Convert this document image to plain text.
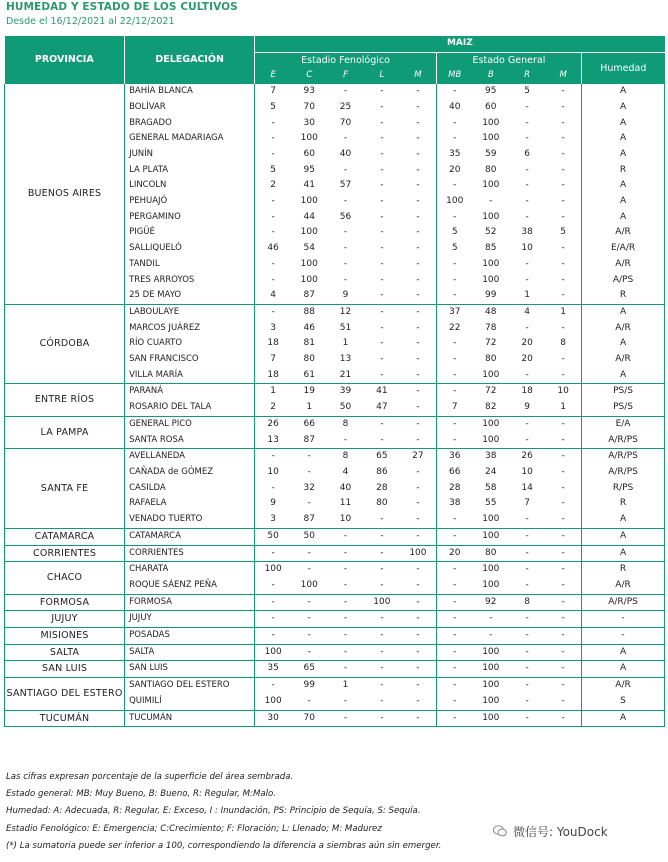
HUMEDAD Y ESTADO DE LOS CULTIVOS
Desde el 16/12/2021 al 22/12/2021
PROVINCIA	DELEGACIÓN	MAIZ									
		Estadio Fenológico					Estado General				Humedad
		E	C	F	L	M	MB	B	R	M	
BUENOS AIRES	BAHÍA BLANCA	7	93	-	-	-	-	95	5	-	A
	BOLÍVAR	5	70	25	-	-	40	60	-	-	A
	BRAGADO	-	30	70	-	-	-	100	-	-	A
	GENERAL MADARIAGA	-	100	-	-	-	-	100	-	-	A
	JUNÍN	-	60	40	-	-	35	59	6	-	A
	LA PLATA	5	95	-	-	-	20	80	-	-	R
	LINCOLN	2	41	57	-	-	-	100	-	-	A
	PEHUAJÓ	-	100	-	-	-	100	-	-	-	A
	PERGAMINO	-	44	56	-	-	-	100	-	-	A
	PIGÜÉ	-	100	-	-	-	5	52	38	5	A/R
	SALLIQUELÓ	46	54	-	-	-	5	85	10	-	E/A/R
	TANDIL	-	100	-	-	-	-	100	-	-	A/R
	TRES ARROYOS	-	100	-	-	-	-	100	-	-	A/PS
	25 DE MAYO	4	87	9	-	-	-	99	1	-	R
CÓRDOBA	LABOULAYE	-	88	12	-	-	37	48	4	1	A
	MARCOS JUÁREZ	3	46	51	-	-	22	78	-	-	A/R
	RÍO CUARTO	18	81	1	-	-	-	72	20	8	A
	SAN FRANCISCO	7	80	13	-	-	-	80	20	-	A/R
	VILLA MARÍA	18	61	21	-	-	-	100	-	-	A
ENTRE RÍOS	PARANÁ	1	19	39	41	-	-	72	18	10	PS/S
	ROSARIO DEL TALA	2	1	50	47	-	7	82	9	1	PS/S
LA PAMPA	GENERAL PICO	26	66	8	-	-	-	100	-	-	E/A
	SANTA ROSA	13	87	-	-	-	-	100	-	-	A/R/PS
SANTA FE	AVELLANEDA	-	-	8	65	27	36	38	26	-	A/R/PS
	CAÑADA de GÓMEZ	10	-	4	86	-	66	24	10	-	A/R/PS
	CASILDA	-	32	40	28	-	28	58	14	-	R/PS
	RAFAELA	9	-	11	80	-	38	55	7	-	R
	VENADO TUERTO	3	87	10	-	-	-	100	-	-	A
CATAMARCA	CATAMARCA	50	50	-	-	-	-	100	-	-	A
CORRIENTES	CORRIENTES	-	-	-	-	100	20	80	-	-	A
CHACO	CHARATA	100	-	-	-	-	-	100	-	-	R
	ROQUE SÁENZ PEÑA	-	100	-	-	-	-	100	-	-	A/R
FORMOSA	FORMOSA	-	-	-	100	-	-	92	8	-	A/R/PS
JUJUY	JUJUY	-	-	-	-	-	-	-	-	-	-
MISIONES	POSADAS	-	-	-	-	-	-	-	-	-	-
SALTA	SALTA	100	-	-	-	-	-	100	-	-	A
SAN LUIS	SAN LUIS	35	65	-	-	-	-	100	-	-	A
SANTIAGO DEL ESTERO	SANTIAGO DEL ESTERO	-	99	1	-	-	-	100	-	-	A/R
	QUIMILÍ	100	-	-	-	-	-	100	-	-	S
TUCUMÁN	TUCUMÁN	30	70	-	-	-	-	100	-	-	A
Las cifras expresan porcentaje de la superficie del área sembrada.
Estado general: MB: Muy Bueno, B: Bueno, R: Regular, M:Malo.
Humedad: A: Adecuada, R: Regular, E: Exceso, I : Inundación, PS: Principio de Sequía, S: Sequía.
Estadio Fenológico: E: Emergencia; C:Crecimiento; F: Floración; L: Llenado; M: Madurez
(*) La sumatoria puede ser inferior a 100, correspondiendo la diferencia a siembras aún sin emerger.
微信号: YouDock
